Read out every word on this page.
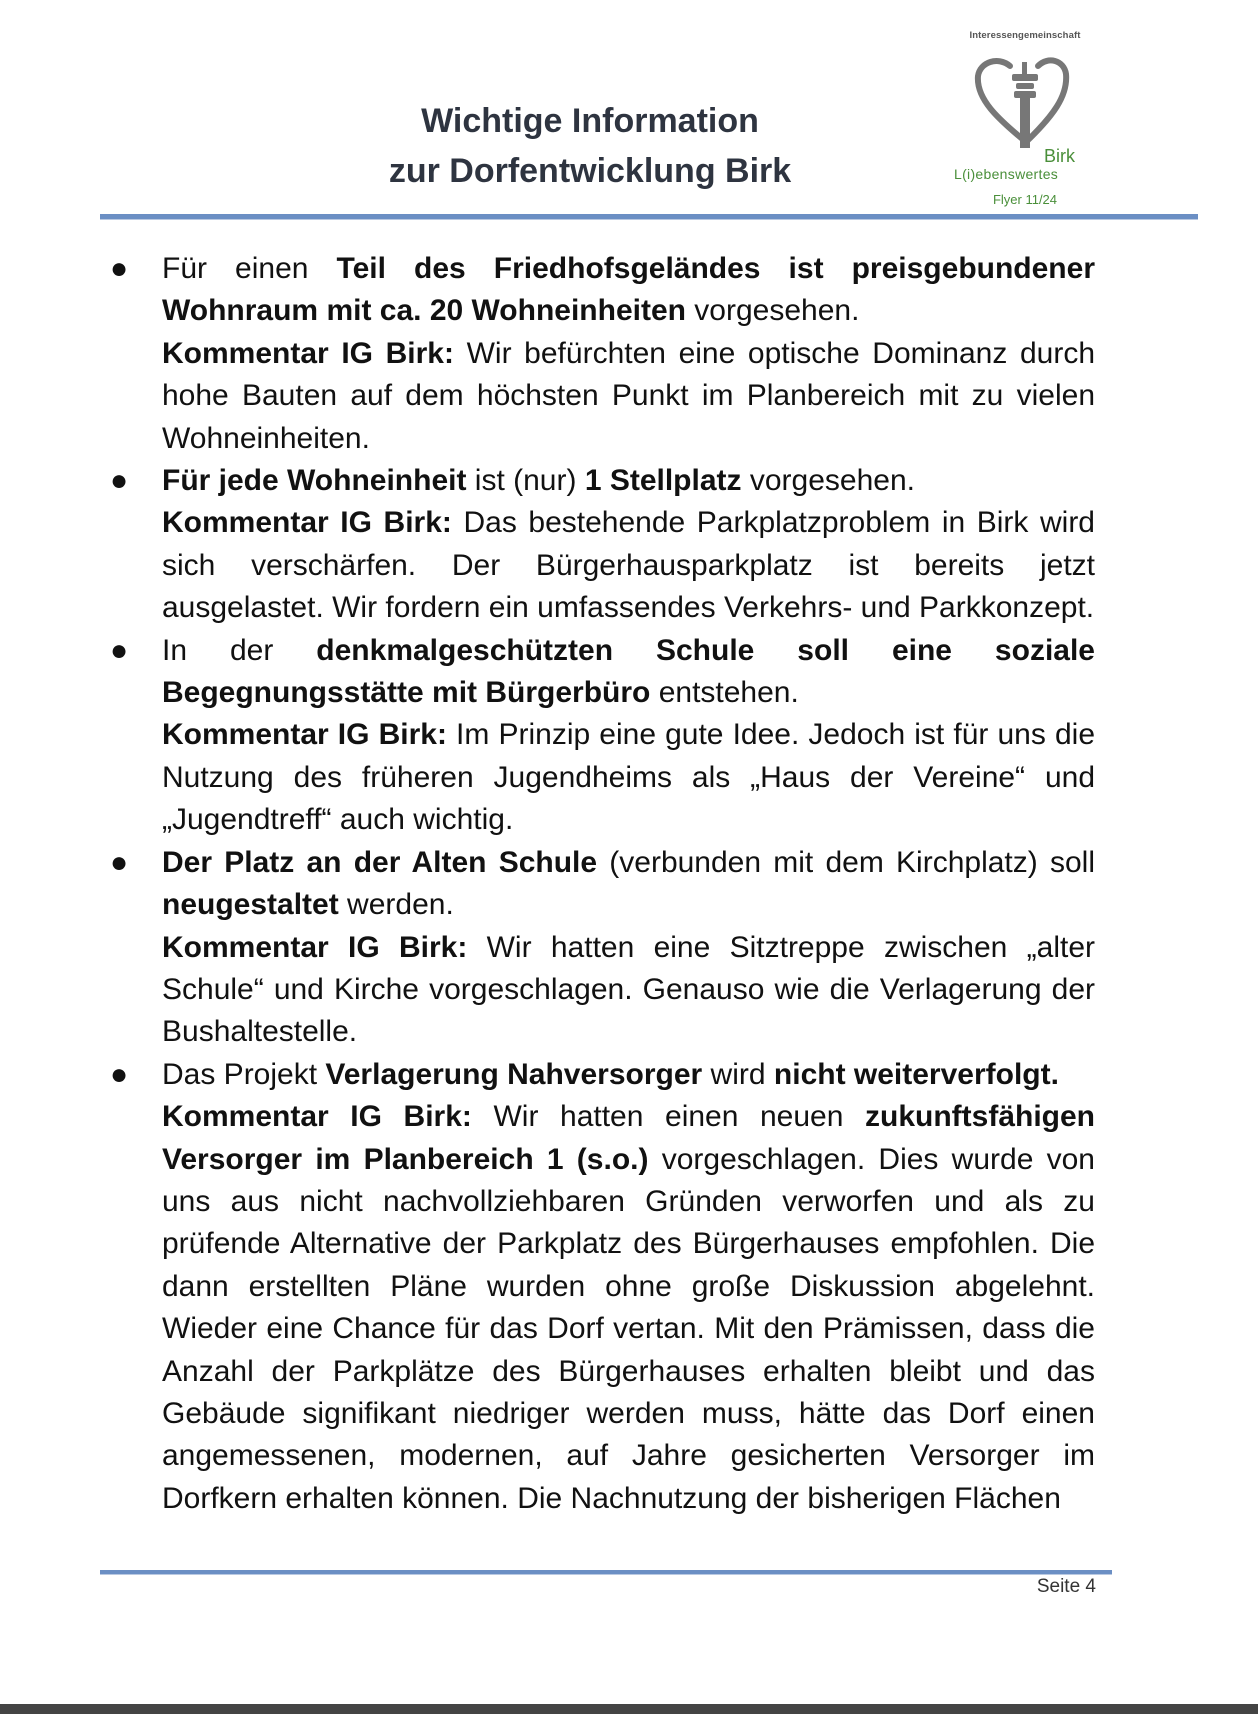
Wichtige Information
zur Dorfentwicklung Birk
Interessengemeinschaft
Birk
L(i)ebenswertes
Flyer 11/24
●	Für einen Teil des Friedhofsgeländes ist preisgebundener Wohnraum mit ca. 20 Wohneinheiten vorgesehen.

Kommentar IG Birk: Wir befürchten eine optische Dominanz durch hohe Bauten auf dem höchsten Punkt im Planbereich mit zu vielen Wohneinheiten.

●	Für jede Wohneinheit ist (nur) 1 Stellplatz vorgesehen.

Kommentar IG Birk: Das bestehende Parkplatzproblem in Birk wird sich verschärfen. Der Bürgerhausparkplatz ist bereits jetzt ausgelastet. Wir fordern ein umfassendes Verkehrs- und Parkkonzept.

●	In der denkmalgeschützten Schule soll eine soziale Begegnungsstätte mit Bürgerbüro entstehen.

Kommentar IG Birk: Im Prinzip eine gute Idee. Jedoch ist für uns die Nutzung des früheren Jugendheims als „Haus der Vereine“ und „Jugendtreff“ auch wichtig.

●	Der Platz an der Alten Schule (verbunden mit dem Kirchplatz) soll neugestaltet werden.

Kommentar IG Birk: Wir hatten eine Sitztreppe zwischen „alter Schule“ und Kirche vorgeschlagen. Genauso wie die Verlagerung der Bushaltestelle.

●	Das Projekt Verlagerung Nahversorger wird nicht weiterverfolgt.

Kommentar IG Birk: Wir hatten einen neuen zukunftsfähigen Versorger im Planbereich 1 (s.o.) vorgeschlagen. Dies wurde von uns aus nicht nachvollziehbaren Gründen verworfen und als zu prüfende Alternative der Parkplatz des Bürgerhauses empfohlen. Die dann erstellten Pläne wurden ohne große Diskussion abgelehnt. Wieder eine Chance für das Dorf vertan. Mit den Prämissen, dass die Anzahl der Parkplätze des Bürgerhauses erhalten bleibt und das Gebäude signifikant niedriger werden muss, hätte das Dorf einen angemessenen, modernen, auf Jahre gesicherten Versorger im Dorfkern erhalten können. Die Nachnutzung der bisherigen Flächen

Seite 4
